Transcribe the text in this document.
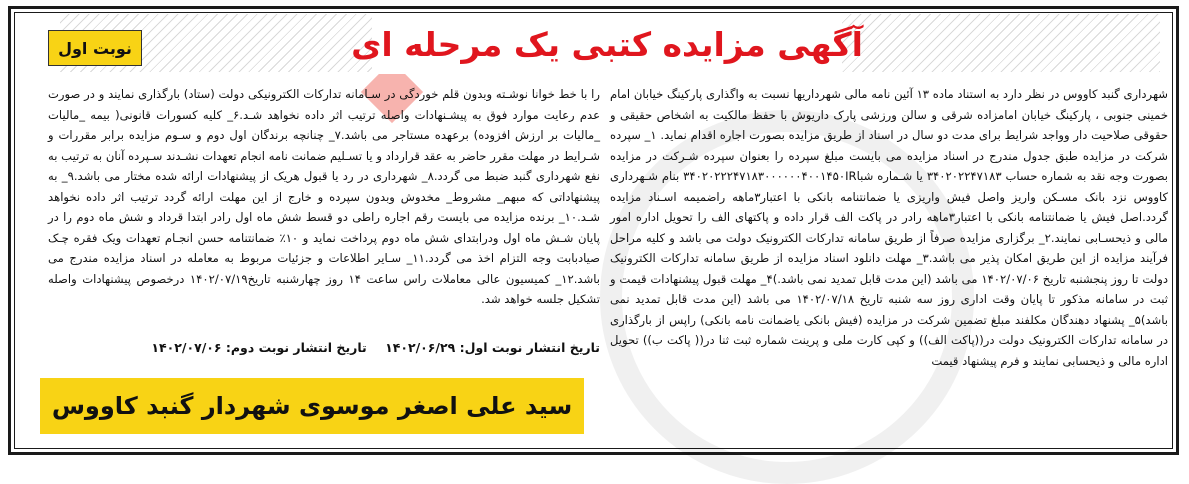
آگهی مزایده کتبی یک مرحله ای
نوبت اول

شهرداری گنبد کاووس در نظر دارد به استناد ماده ۱۳ آئین نامه مالی شهرداریها نسبت به واگذاری پارکینگ خیابان امام خمینی جنوبی ، پارکینگ خیابان امامزاده شرقی و سالن ورزشی پارک داریوش با حفظ مالکیت به اشخاص حقیقی و حقوقی صلاحیت دار وواجد شرایط برای مدت دو سال در اسناد از طریق مزایده بصورت اجاره اقدام نماید. ۱_ سپرده شرکت در مزایده طبق جدول مندرج در اسناد مزایده می بایست مبلغ سپرده را بعنوان سپرده شـرکت در مزایده بصورت وجه نقد به شماره حساب ۳۴۰۲۰۲۲۴۷۱۸۳ یا شـماره شبا۳۴۰۲۰۲۲۲۴۷۱۸۳۰۰۰۰۰۰۴۰۰۱۴۵۰IR بنام شـهرداری کاووس نزد بانک مسـکن واریز واصل فیش واریزی یا ضمانتنامه بانکی با اعتبار۳ماهه راضمیمه اسـناد مزایده گردد.اصل فیش یا ضمانتنامه بانکی با اعتبار۳ماهه رادر در پاکت الف قرار داده و پاکتهای الف را تحویل اداره امور مالی و ذیحسـابی نمایند.۲_ برگزاری مزایده صرفاً از طریق سامانه تدارکات الکترونیک دولت می باشد و کلیه مراحل فرآیند مزایده از این طریق امکان پذیر می باشد.۳_ مهلت دانلود اسناد مزایده از طریق سامانه تدارکات الکترونیک دولت تا روز پنجشنبه تاریخ ۱۴۰۲/۰۷/۰۶ می باشد (این مدت قابل تمدید نمی باشد.)۴_ مهلت قبول پیشنهادات قیمت و ثبت در سامانه مذکور تا پایان وقت اداری روز سه شنبه تاریخ ۱۴۰۲/۰۷/۱۸ می باشد (این مدت قابل تمدید نمی باشد)۵_ پشنهاد دهندگان مکلفند مبلغ تضمین شرکت در مزایده (فیش بانکی یاضمانت نامه بانکی) راپس از بارگذاری در سامانه تدارکات الکترونیک دولت در((پاکت الف)) و کپی کارت ملی و پرینت شماره ثبت ثنا در(( پاکت ب)) تحویل اداره مالی و ذیحسابی نمایند و فرم پیشنهاد قیمت

را با خط خوانا نوشـته وبدون قلم خوردگی در سـامانه تدارکات الکترونیکی دولت (ستاد) بارگذاری نمایند و در صورت عدم رعایت موارد فوق به پیشـنهادات واصله ترتیب اثر داده نخواهد شـد.۶_ کلیه کسورات قانونی( بیمه _مالیات _مالیات بر ارزش افزوده) برعهده مستاجر می باشد.۷_ چنانچه برندگان اول دوم و سـوم مزایده برابر مقررات و شـرایط در مهلت مقرر حاضر به عقد قرارداد و یا تسـلیم ضمانت نامه انجام تعهدات نشـدند سـپرده آنان به ترتیب به نفع شهرداری گنبد ضبط می گردد.۸_ شهرداری در رد یا قبول هریک از پیشنهادات ارائه شده مختار می باشد.۹_ به پیشنهاداتی که مبهم_ مشروط_ مخدوش وبدون سپرده و خارج از این مهلت ارائه گردد ترتیب اثر داده نخواهد شـد.۱۰_ برنده مزایده می بایست رقم اجاره راطی دو قسط شش ماه اول رادر ابتدا قرداد و شش ماه دوم را در پایان شـش ماه اول ودرابتدای شش ماه دوم پرداخت نماید و ۱۰٪ ضمانتنامه حسن انجـام تعهدات ویک فقره چـک صیادبابت وجه التزام اخذ می گردد.۱۱_ سـایر اطلاعات و جزئیات مربوط به معامله در اسناد مزایده مندرج می باشد.۱۲_ کمیسیون عالی معاملات راس ساعت ۱۴ روز چهارشنبه تاریخ۱۴۰۲/۰۷/۱۹ درخصوص پیشنهادات واصله تشکیل جلسه خواهد شد.

تاریخ انتشار نوبت اول: ۱۴۰۲/۰۶/۲۹ تاریخ انتشار نوبت دوم: ۱۴۰۲/۰۷/۰۶
سید علی اصغر موسوی شهردار گنبد کاووس
